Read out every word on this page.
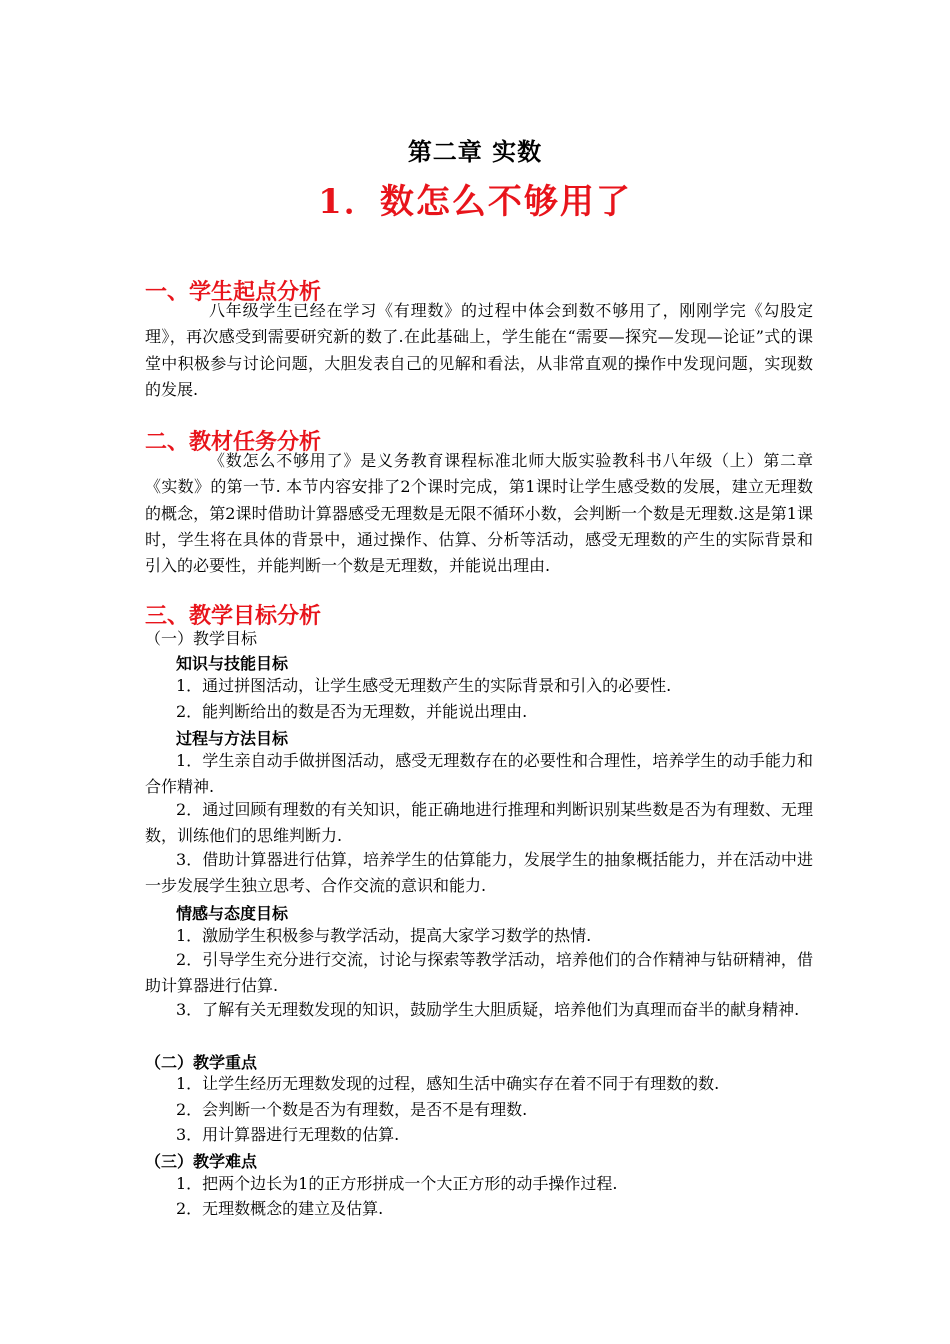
第二章 实数
1．数怎么不够用了
一、学生起点分析
八年级学生已经在学习《有理数》的过程中体会到数不够用了，刚刚学完《勾股定理》，再次感受到需要研究新的数了.在此基础上，学生能在“需要—探究—发现—论证”式的课堂中积极参与讨论问题，大胆发表自己的见解和看法，从非常直观的操作中发现问题，实现数的发展.
二、教材任务分析
《数怎么不够用了》是义务教育课程标准北师大版实验教科书八年级（上）第二章《实数》的第一节. 本节内容安排了2个课时完成，第1课时让学生感受数的发展，建立无理数的概念，第2课时借助计算器感受无理数是无限不循环小数，会判断一个数是无理数.这是第1课时，学生将在具体的背景中，通过操作、估算、分析等活动，感受无理数的产生的实际背景和引入的必要性，并能判断一个数是无理数，并能说出理由.
三、教学目标分析
（一）教学目标
知识与技能目标
1．通过拼图活动，让学生感受无理数产生的实际背景和引入的必要性.
2．能判断给出的数是否为无理数，并能说出理由.
过程与方法目标
1．学生亲自动手做拼图活动，感受无理数存在的必要性和合理性，培养学生的动手能力和合作精神.
2．通过回顾有理数的有关知识，能正确地进行推理和判断识别某些数是否为有理数、无理数，训练他们的思维判断力.
3．借助计算器进行估算，培养学生的估算能力，发展学生的抽象概括能力，并在活动中进一步发展学生独立思考、合作交流的意识和能力.
情感与态度目标
1．激励学生积极参与教学活动，提高大家学习数学的热情.
2．引导学生充分进行交流，讨论与探索等教学活动，培养他们的合作精神与钻研精神，借助计算器进行估算.
3．了解有关无理数发现的知识，鼓励学生大胆质疑，培养他们为真理而奋半的献身精神.
（二）教学重点
1．让学生经历无理数发现的过程，感知生活中确实存在着不同于有理数的数.
2．会判断一个数是否为有理数，是否不是有理数.
3．用计算器进行无理数的估算.
（三）教学难点
1．把两个边长为1的正方形拼成一个大正方形的动手操作过程.
2．无理数概念的建立及估算.
